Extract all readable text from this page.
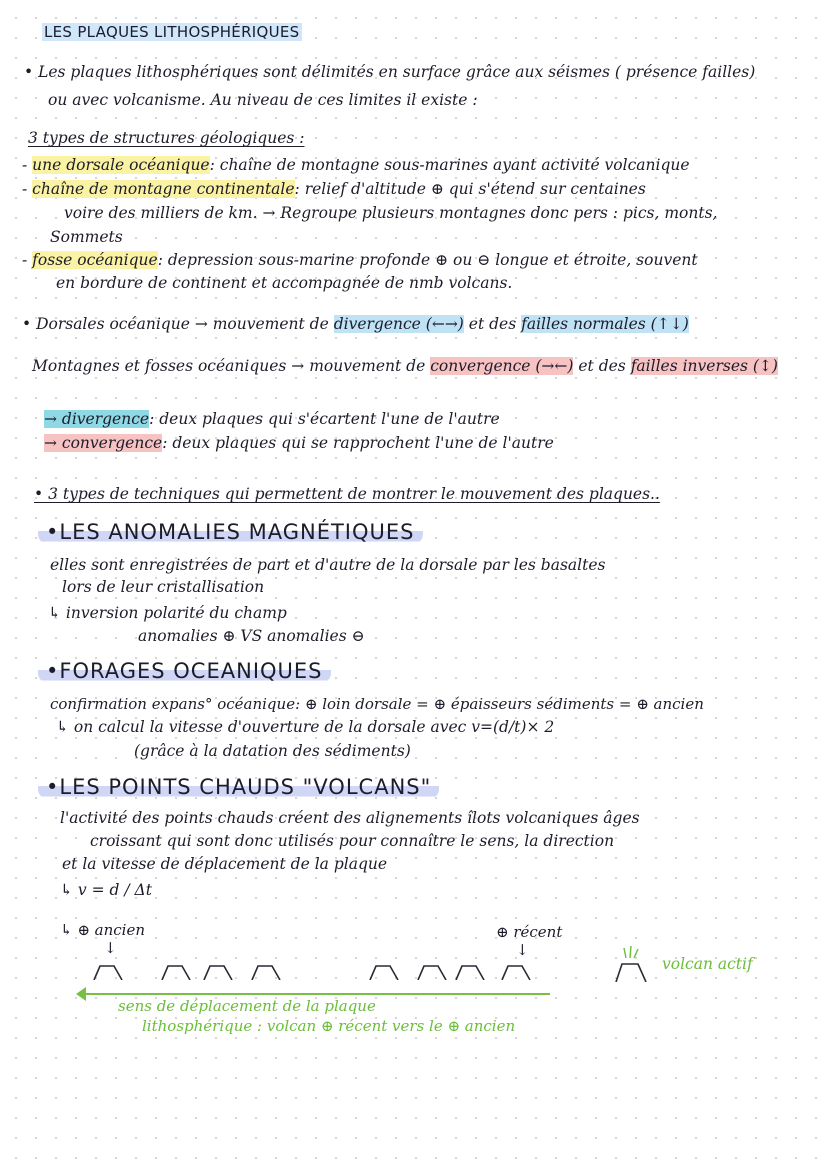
LES PLAQUES LITHOSPHÉRIQUES
• Les plaques lithosphériques sont délimités en surface grâce aux séismes ( présence failles)
ou avec volcanisme. Au niveau de ces limites il existe :
3 types de structures géologiques :
- une dorsale océanique: chaîne de montagne sous-marines ayant activité volcanique
- chaîne de montagne continentale: relief d'altitude ⊕ qui s'étend sur centaines
voire des milliers de km. → Regroupe plusieurs montagnes donc pers : pics, monts,
Sommets
- fosse océanique: depression sous-marine profonde ⊕ ou ⊖ longue et étroite, souvent
en bordure de continent et accompagnée de nmb volcans.
• Dorsales océanique → mouvement de divergence (←→) et des failles normales (↑↓)
Montagnes et fosses océaniques → mouvement de convergence (→←) et des failles inverses (↕)
→ divergence: deux plaques qui s'écartent l'une de l'autre
→ convergence: deux plaques qui se rapprochent l'une de l'autre
• 3 types de techniques qui permettent de montrer le mouvement des plaques..
•LES ANOMALIES MAGNÉTIQUES
elles sont enregistrées de part et d'autre de la dorsale par les basaltes
lors de leur cristallisation
↳ inversion polarité du champ
anomalies ⊕ VS anomalies ⊖
•FORAGES OCEANIQUES
confirmation expans° océanique: ⊕ loin dorsale = ⊕ épaisseurs sédiments = ⊕ ancien
↳ on calcul la vitesse d'ouverture de la dorsale avec v=(d/t)× 2
(grâce à la datation des sédiments)
•LES POINTS CHAUDS "VOLCANS"
l'activité des points chauds créent des alignements îlots volcaniques âges
croissant qui sont donc utilisés pour connaître le sens, la direction
et la vitesse de déplacement de la plaque
↳ v = d / Δt
↳ ⊕ ancien	⊕ récent
↓	↓
volcan actif
sens de déplacement de la plaque
lithosphérique : volcan ⊕ récent vers le ⊕ ancien
